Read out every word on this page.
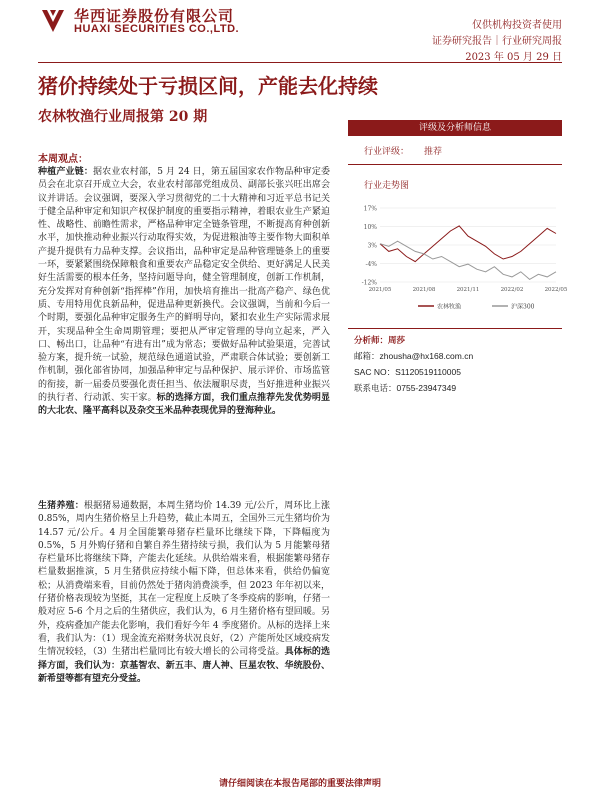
华西证券股份有限公司
HUAXI SECURITIES CO.,LTD.	仅供机构投资者使用
证券研究报告｜行业研究周报
2023 年 05 月 29 日
猪价持续处于亏损区间，产能去化持续
农林牧渔行业周报第 20 期
本周观点：
种植产业链：据农业农村部，5 月 24 日，第五届国家农作物品种审定委员会在北京召开成立大会，农业农村部部党组成员、副部长张兴旺出席会议并讲话。会议强调，要深入学习贯彻党的二十大精神和习近平总书记关于健全品种审定和知识产权保护制度的重要指示精神，着眼农业生产紧迫性、战略性、前瞻性需求，严格品种审定全链条管理，不断提高育种创新水平，加快推动种业振兴行动取得实效，为促进粮油等主要作物大面积单产提升提供有力品种支撑。会议指出，品种审定是品种管理链条上的重要一环，要紧紧围绕保障粮食和重要农产品稳定安全供给、更好满足人民美好生活需要的根本任务，坚持问题导向，健全管理制度，创新工作机制，充分发挥对育种创新“指挥棒”作用，加快培育推出一批高产稳产、绿色优质、专用特用优良新品种，促进品种更新换代。会议强调，当前和今后一个时期，要强化品种审定服务生产的鲜明导向，紧扣农业生产实际需求展开，实现品种全生命周期管理；要把从严审定管理的导向立起来，严入口、畅出口，让品种“有进有出”成为常态；要做好品种试验渠道，完善试验方案，提升统一试验，规范绿色通道试验，严肃联合体试验；要创新工作机制，强化部省协同，加强品种审定与品种保护、展示评价、市场监管的衔接，新一届委员要强化责任担当、依法履职尽责，当好推进种业振兴的执行者、行动派、实干家。标的选择方面，我们重点推荐先发优势明显的大北农、隆平高科以及杂交玉米品种表现优异的登海种业。
生猪养殖：根据猪易通数据，本周生猪均价 14.39 元/公斤，周环比上涨 0.85%，周内生猪价格呈上升趋势，截止本周五，全国外三元生猪均价为 14.57 元/公斤。4 月全国能繁母猪存栏量环比继续下降，下降幅度为 0.5%，5 月外购仔猪和自繁自养生猪持续亏损，我们认为 5 月能繁母猪存栏量环比将继续下降，产能去化延续。从供给端来看，根据能繁母猪存栏量数据推演，5 月生猪供应持续小幅下降，但总体来看，供给仍偏宽松；从消费端来看，目前仍然处于猪肉消费淡季，但 2023 年年初以来，仔猪价格表现较为坚挺，其在一定程度上反映了冬季疫病的影响，仔猪一般对应 5-6 个月之后的生猪供应，我们认为，6 月生猪价格有望回暖。另外，疫病叠加产能去化影响，我们看好今年 4 季度猪价。从标的选择上来看，我们认为：（1）现金流充裕财务状况良好，（2）产能所处区域疫病发生情况较轻，（3）生猪出栏量同比有较大增长的公司将受益。具体标的选择方面，我们认为：京基智农、新五丰、唐人神、巨星农牧、华统股份、新希望等都有望充分受益。
评级及分析师信息
行业评级： 推荐
行业走势图
17%
10%
3%
-4%
-12%
2021/05	2021/08	2021/11	2022/02	2022/05
农林牧渔	沪深300
分析师：周莎
邮箱：zhousha@hx168.com.cn
SAC NO：S1120519110005
联系电话：0755-23947349
请仔细阅读在本报告尾部的重要法律声明
